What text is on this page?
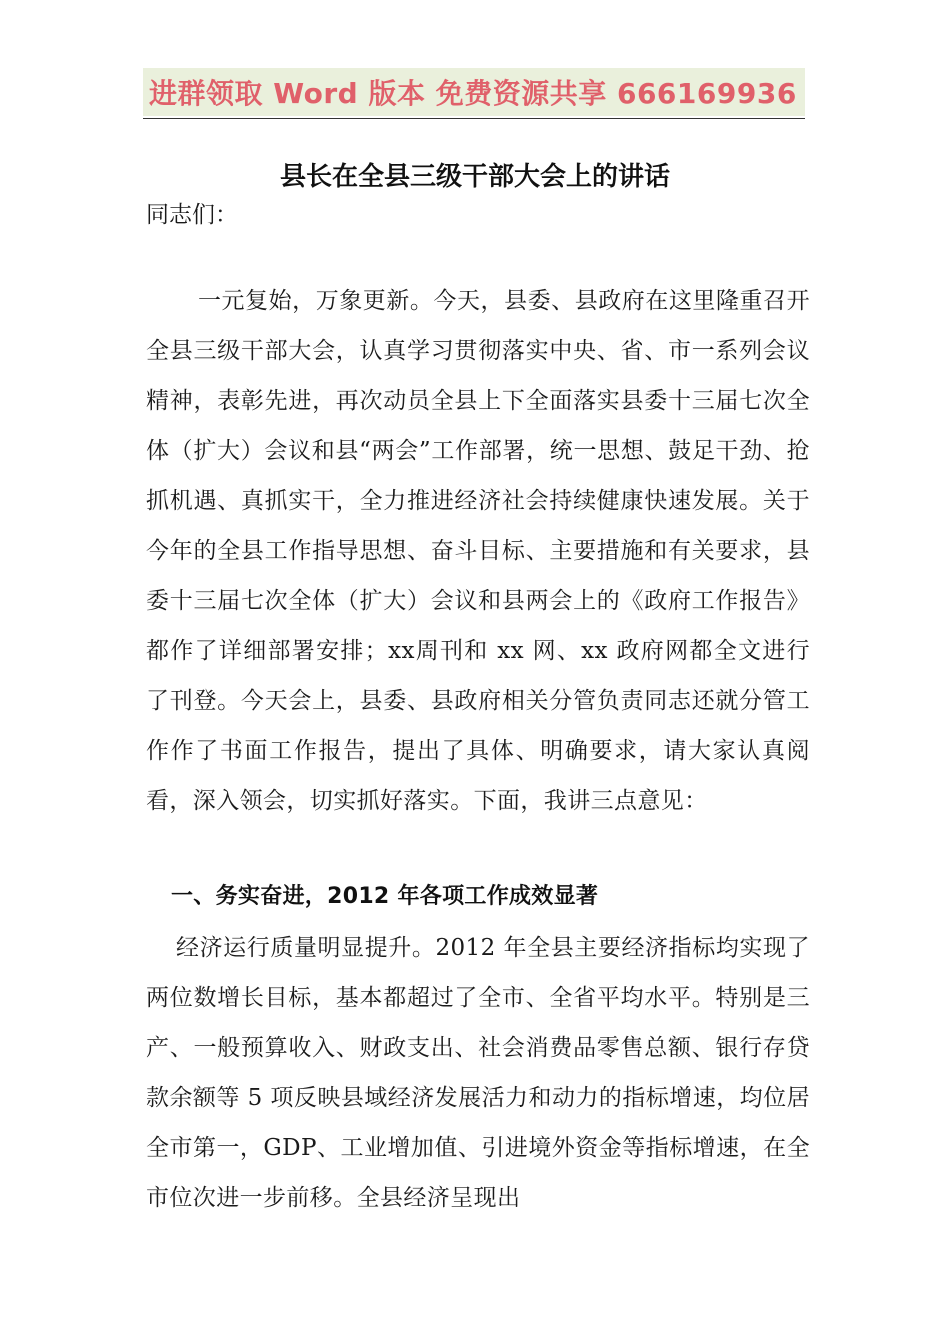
进群领取 Word 版本 免费资源共享 666169936
县长在全县三级干部大会上的讲话
同志们：
一元复始，万象更新。今天，县委、县政府在这里隆重召开全县三级干部大会，认真学习贯彻落实中央、省、市一系列会议精神，表彰先进，再次动员全县上下全面落实县委十三届七次全体（扩大）会议和县“两会”工作部署，统一思想、鼓足干劲、抢抓机遇、真抓实干，全力推进经济社会持续健康快速发展。关于今年的全县工作指导思想、奋斗目标、主要措施和有关要求，县委十三届七次全体（扩大）会议和县两会上的《政府工作报告》都作了详细部署安排；xx周刊和 xx 网、xx 政府网都全文进行了刊登。今天会上，县委、县政府相关分管负责同志还就分管工作作了书面工作报告，提出了具体、明确要求，请大家认真阅看，深入领会，切实抓好落实。下面，我讲三点意见：
一、务实奋进，2012 年各项工作成效显著
经济运行质量明显提升。2012 年全县主要经济指标均实现了两位数增长目标，基本都超过了全市、全省平均水平。特别是三产、一般预算收入、财政支出、社会消费品零售总额、银行存贷款余额等 5 项反映县域经济发展活力和动力的指标增速，均位居全市第一，GDP、工业增加值、引进境外资金等指标增速，在全市位次进一步前移。全县经济呈现出
